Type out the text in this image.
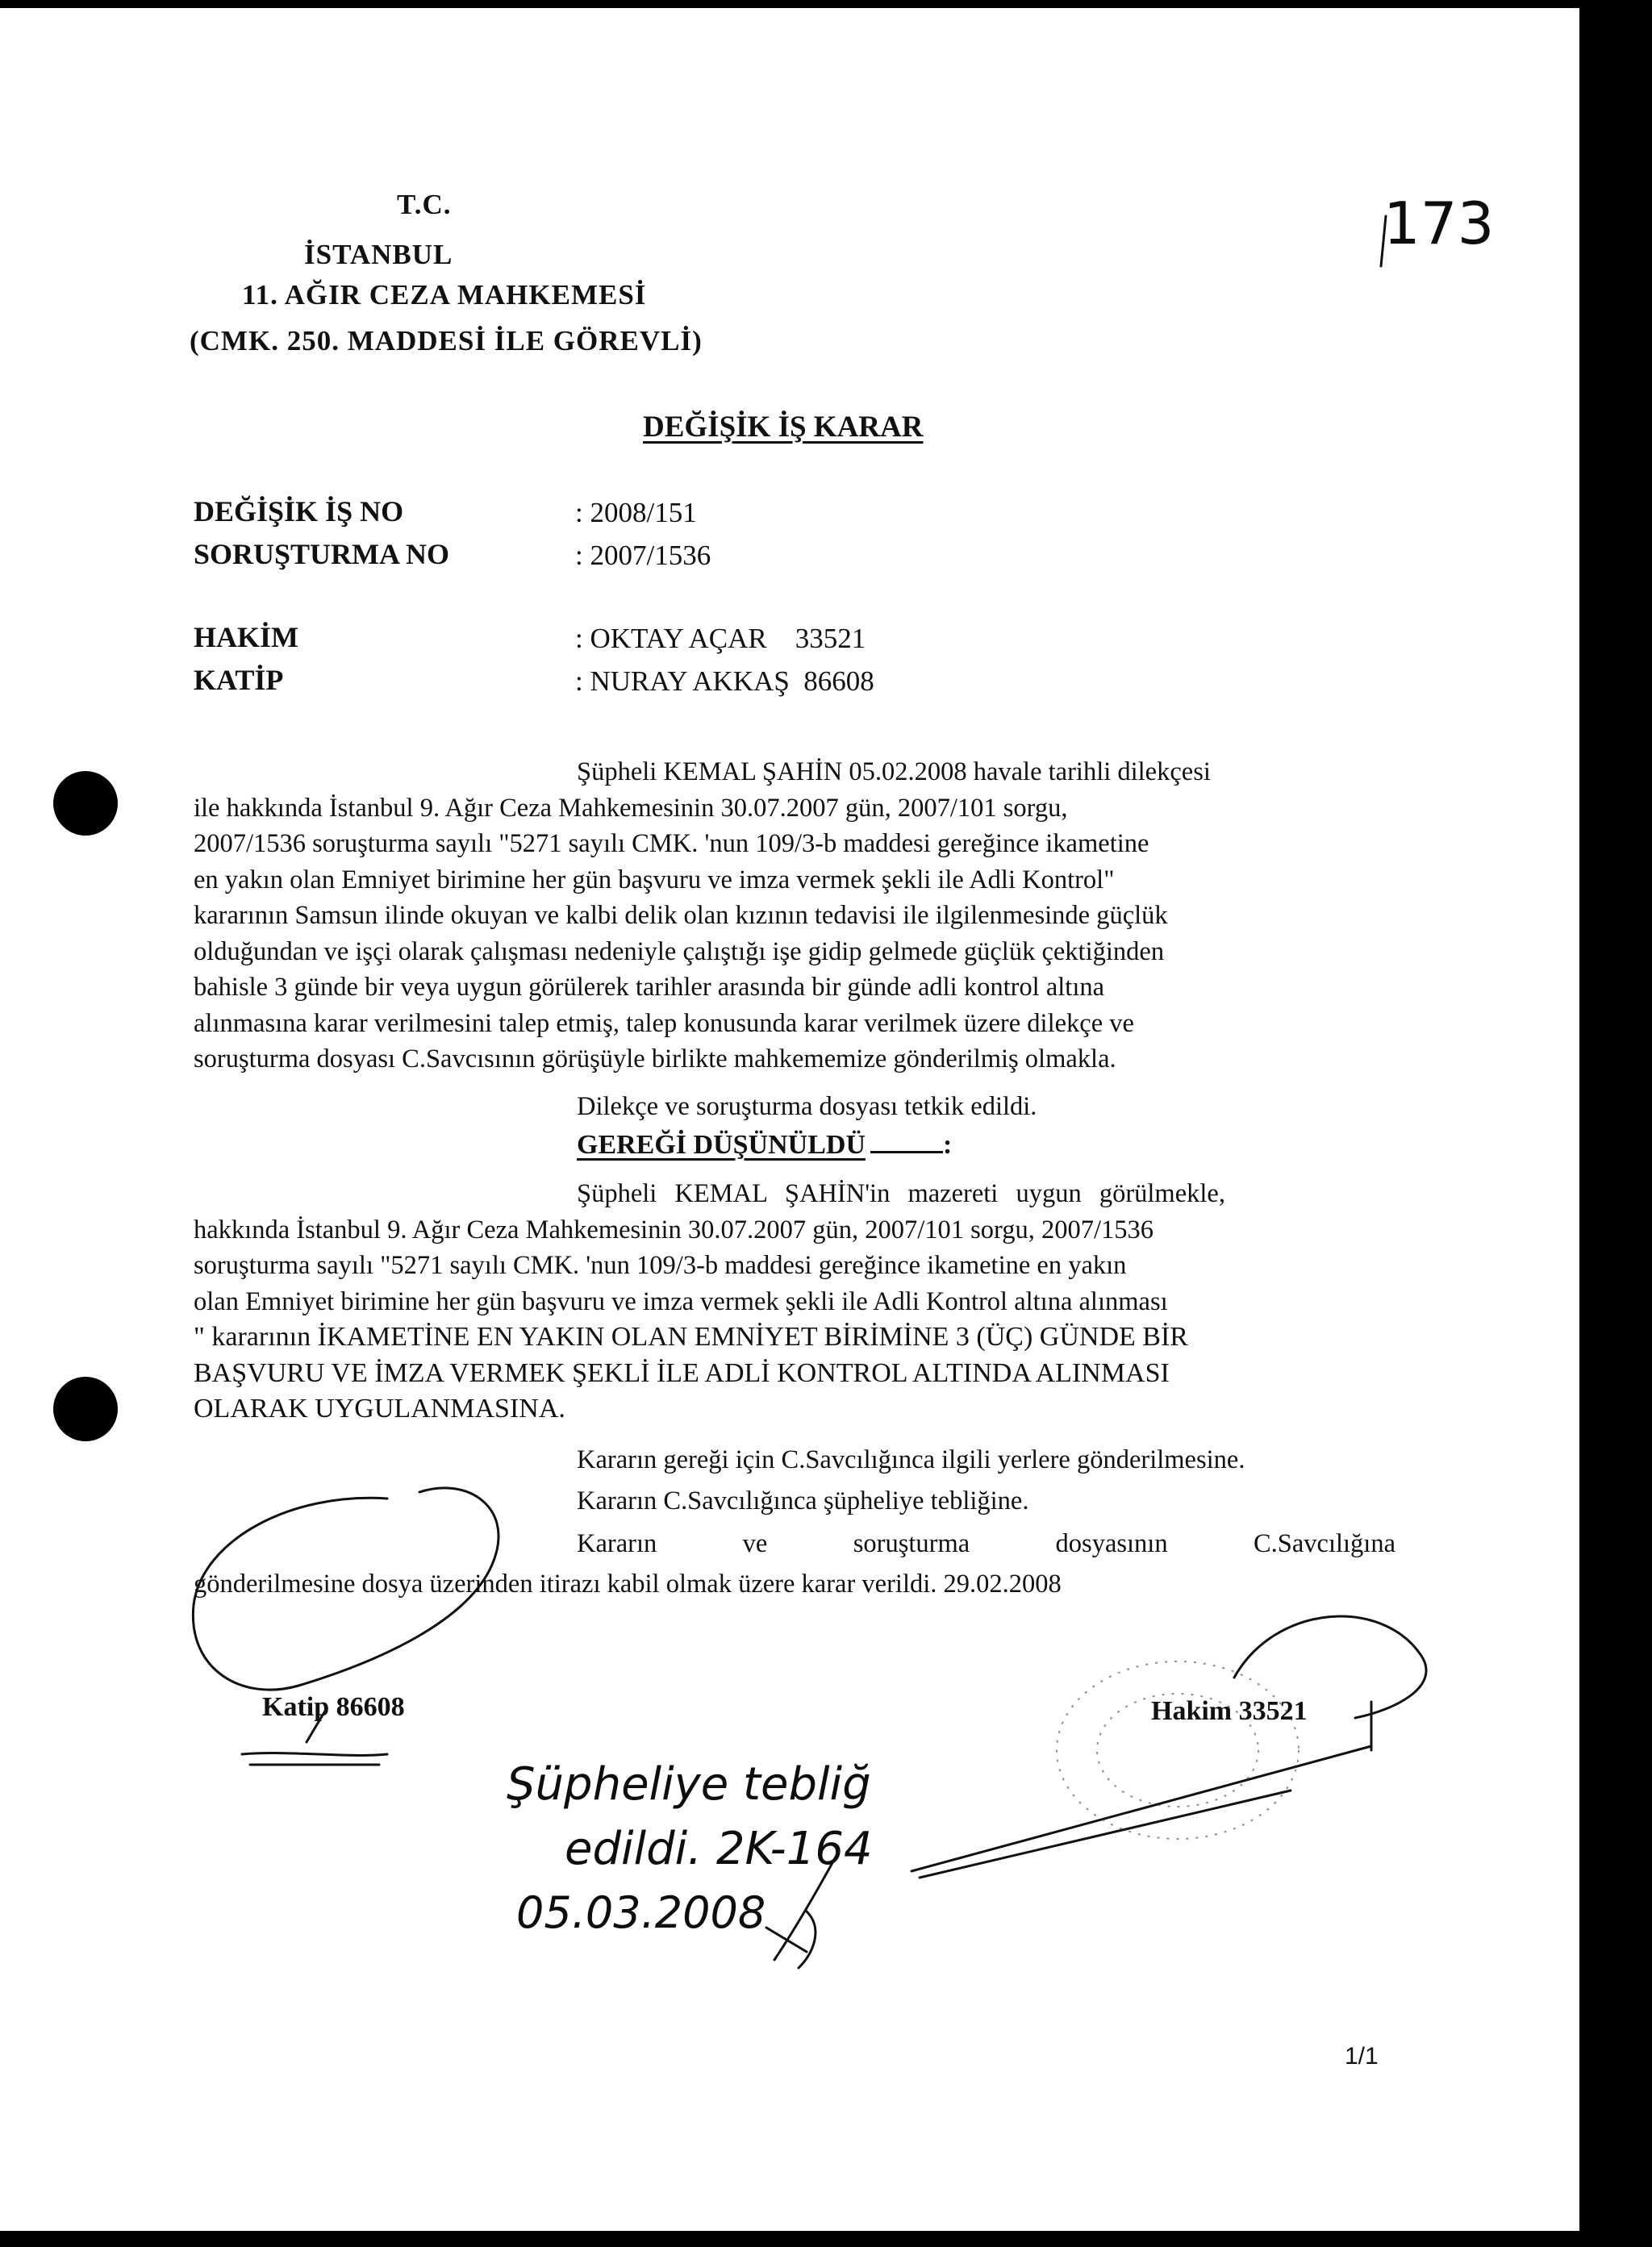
T.C.
İSTANBUL
11. AĞIR CEZA MAHKEMESİ
(CMK. 250. MADDESİ İLE GÖREVLİ)
173
DEĞİŞİK İŞ KARAR
DEĞİŞİK İŞ NO	: 2008/151
SORUŞTURMA NO	: 2007/1536
HAKİM	: OKTAY AÇAR    33521
KATİP	: NURAY AKKAŞ  86608
Şüpheli KEMAL ŞAHİN 05.02.2008 havale tarihli dilekçesi
ile hakkında İstanbul 9. Ağır Ceza Mahkemesinin 30.07.2007 gün, 2007/101 sorgu,
2007/1536 soruşturma sayılı "5271 sayılı CMK. 'nun 109/3-b maddesi gereğince ikametine
en yakın olan Emniyet birimine her gün başvuru ve imza vermek şekli ile Adli Kontrol"
kararının Samsun ilinde okuyan ve kalbi delik olan kızının tedavisi ile ilgilenmesinde güçlük
olduğundan ve işçi olarak çalışması nedeniyle çalıştığı işe gidip gelmede güçlük çektiğinden
bahisle 3 günde bir veya uygun görülerek tarihler arasında bir günde adli kontrol altına
alınmasına karar verilmesini talep etmiş, talep konusunda karar verilmek üzere dilekçe ve
soruşturma dosyası C.Savcısının görüşüyle birlikte mahkememize gönderilmiş olmakla.
Dilekçe ve soruşturma dosyası tetkik edildi.
GEREĞİ DÜŞÜNÜLDÜ	:
Şüpheli KEMAL ŞAHİN'in mazereti uygun görülmekle,
hakkında İstanbul 9. Ağır Ceza Mahkemesinin 30.07.2007 gün, 2007/101 sorgu, 2007/1536
soruşturma sayılı "5271 sayılı CMK. 'nun 109/3-b maddesi gereğince ikametine en yakın
olan Emniyet birimine her gün başvuru ve imza vermek şekli ile Adli Kontrol altına alınması
" kararının İKAMETİNE EN YAKIN OLAN EMNİYET BİRİMİNE 3 (ÜÇ) GÜNDE BİR
BAŞVURU VE İMZA VERMEK ŞEKLİ İLE ADLİ KONTROL ALTINDA ALINMASI
OLARAK UYGULANMASINA.
Kararın gereği için C.Savcılığınca ilgili yerlere gönderilmesine.
Kararın C.Savcılığınca şüpheliye tebliğine.
Kararın	ve	soruşturma	dosyasının	C.Savcılığına
gönderilmesine dosya üzerinden itirazı kabil olmak üzere karar verildi. 29.02.2008
Katip 86608	Hakim 33521
Şüpheliye tebliğ
edildi. 2K-164
05.03.2008
1/1
